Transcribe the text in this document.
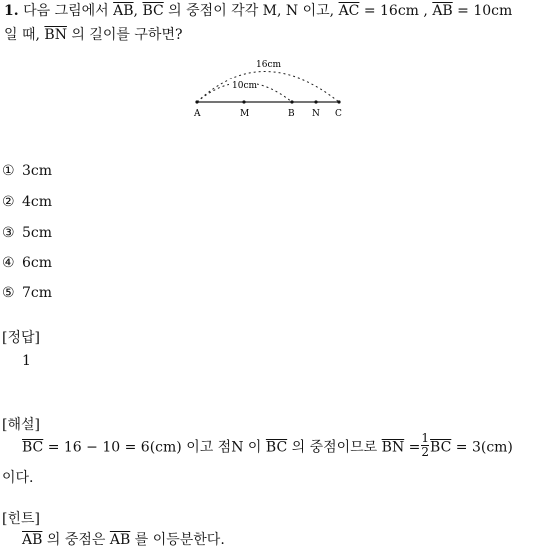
1. 다음 그림에서 $\overline{AB}$, $\overline{BC}$ 의 중점이 각각 M, N 이고, $\overline{AC} = 16cm$ , $\overline{AB} = 10cm$
일 때, $\overline{BN}$ 의 길이를 구하면?
16cm
10cm
A	M	B N C
① 3cm
② 4cm
③ 5cm
④ 6cm
⑤ 7cm
[정답]
1
[해설]
$\overline{BC} = 16 - 10 = 6(cm)$ 이고 점N 이 $\overline{BC}$ 의 중점이므로 $\overline{BN} = \frac{1}{2} \overline{BC} = 3(cm)$
이다.
[힌트]
$\overline{AB}$ 의 중점은 $\overline{AB}$ 를 이등분한다.
